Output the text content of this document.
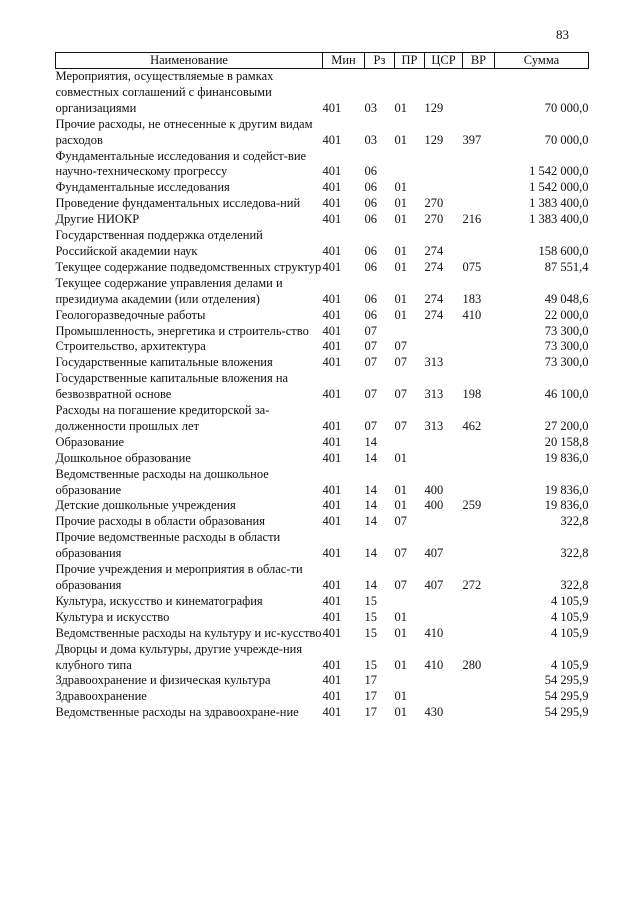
83
Наименование	Мин	Рз	ПР	ЦСР	ВР	Сумма
Мероприятия, осуществляемые в рамках совместных соглашений с финансовыми организациями	401	03	01	129		70 000,0
Прочие расходы, не отнесенные к другим видам расходов	401	03	01	129	397	70 000,0
Фундаментальные исследования и содейст-вие научно-техническому прогрессу	401	06				1 542 000,0
Фундаментальные исследования	401	06	01			1 542 000,0
Проведение фундаментальных исследова-ний	401	06	01	270		1 383 400,0
Другие НИОКР	401	06	01	270	216	1 383 400,0
Государственная поддержка отделений Российской академии наук	401	06	01	274		158 600,0
Текущее содержание подведомственных структур	401	06	01	274	075	87 551,4
Текущее содержание управления делами и президиума академии (или отделения)	401	06	01	274	183	49 048,6
Геологоразведочные работы	401	06	01	274	410	22 000,0
Промышленность, энергетика и строитель-ство	401	07				73 300,0
Строительство, архитектура	401	07	07			73 300,0
Государственные капитальные вложения	401	07	07	313		73 300,0
Государственные капитальные вложения на безвозвратной основе	401	07	07	313	198	46 100,0
Расходы на погашение кредиторской за-долженности прошлых лет	401	07	07	313	462	27 200,0
Образование	401	14				20 158,8
Дошкольное образование	401	14	01			19 836,0
Ведомственные расходы на дошкольное образование	401	14	01	400		19 836,0
Детские дошкольные учреждения	401	14	01	400	259	19 836,0
Прочие расходы в области образования	401	14	07			322,8
Прочие ведомственные расходы в области образования	401	14	07	407		322,8
Прочие учреждения и мероприятия в облас-ти образования	401	14	07	407	272	322,8
Культура, искусство и кинематография	401	15				4 105,9
Культура и искусство	401	15	01			4 105,9
Ведомственные расходы на культуру и ис-кусство	401	15	01	410		4 105,9
Дворцы и дома культуры, другие учрежде-ния клубного типа	401	15	01	410	280	4 105,9
Здравоохранение и физическая культура	401	17				54 295,9
Здравоохранение	401	17	01			54 295,9
Ведомственные расходы на здравоохране-ние	401	17	01	430		54 295,9
